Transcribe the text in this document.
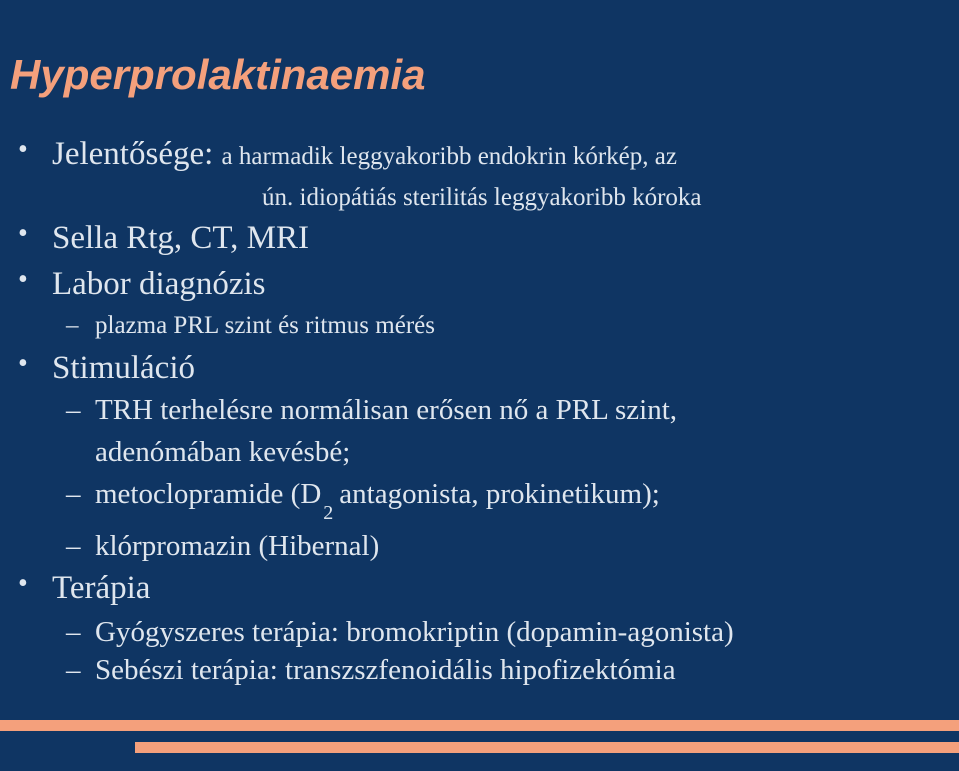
Hyperprolaktinaemia
• Jelentősége: a harmadik leggyakoribb endokrin kórkép, az
ún. idiopátiás sterilitás leggyakoribb kóroka
• Sella Rtg, CT, MRI
• Labor diagnózis
– plazma PRL szint és ritmus mérés
• Stimuláció
– TRH terhelésre normálisan erősen nő a PRL szint,
adenómában kevésbé;
– metoclopramide ($D_2antagonista$, prokinetikum);
– klórpromazin (Hibernal)
• Terápia
– Gyógyszeres terápia: bromokriptin (dopamin-agonista)
– Sebészi terápia: transzszfenoidális hipofizektómia
